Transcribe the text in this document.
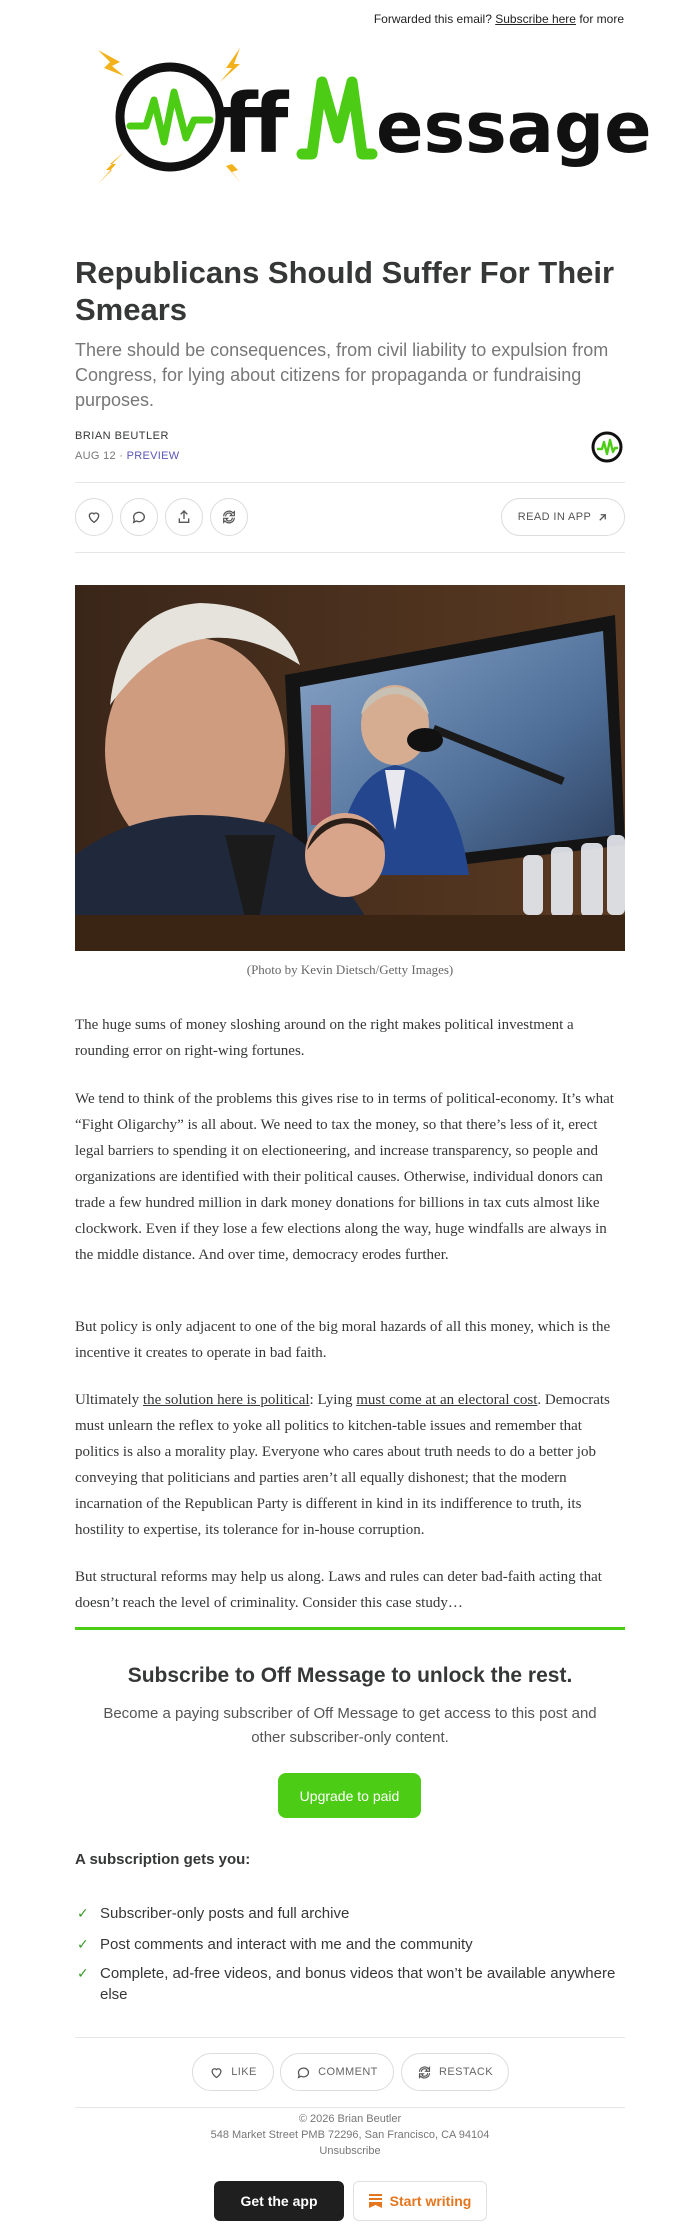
Forwarded this email? Subscribe here for more
ff essage
Republicans Should Suffer For Their Smears
There should be consequences, from civil liability to expulsion from Congress, for lying about citizens for propaganda or fundraising purposes.
BRIAN BEUTLER
AUG 12 · PREVIEW
READ IN APP
(Photo by Kevin Dietsch/Getty Images)
The huge sums of money sloshing around on the right makes political investment a rounding error on right-wing fortunes.
We tend to think of the problems this gives rise to in terms of political-economy. It’s what “Fight Oligarchy” is all about. We need to tax the money, so that there’s less of it, erect legal barriers to spending it on electioneering, and increase transparency, so people and organizations are identified with their political causes. Otherwise, individual donors can trade a few hundred million in dark money donations for billions in tax cuts almost like clockwork. Even if they lose a few elections along the way, huge windfalls are always in the middle distance. And over time, democracy erodes further.
But policy is only adjacent to one of the big moral hazards of all this money, which is the incentive it creates to operate in bad faith.
Ultimately the solution here is political: Lying must come at an electoral cost. Democrats must unlearn the reflex to yoke all politics to kitchen-table issues and remember that politics is also a morality play. Everyone who cares about truth needs to do a better job conveying that politicians and parties aren’t all equally dishonest; that the modern incarnation of the Republican Party is different in kind in its indifference to truth, its hostility to expertise, its tolerance for in-house corruption.
But structural reforms may help us along. Laws and rules can deter bad-faith acting that doesn’t reach the level of criminality. Consider this case study…
Subscribe to Off Message to unlock the rest.
Become a paying subscriber of Off Message to get access to this post and other subscriber-only content.
Upgrade to paid
A subscription gets you:
✓ Subscriber-only posts and full archive
✓ Post comments and interact with me and the community
✓ Complete, ad-free videos, and bonus videos that won’t be available anywhere else
LIKE	COMMENT	RESTACK
© 2026 Brian Beutler
548 Market Street PMB 72296, San Francisco, CA 94104
Unsubscribe
Get the app	Start writing
